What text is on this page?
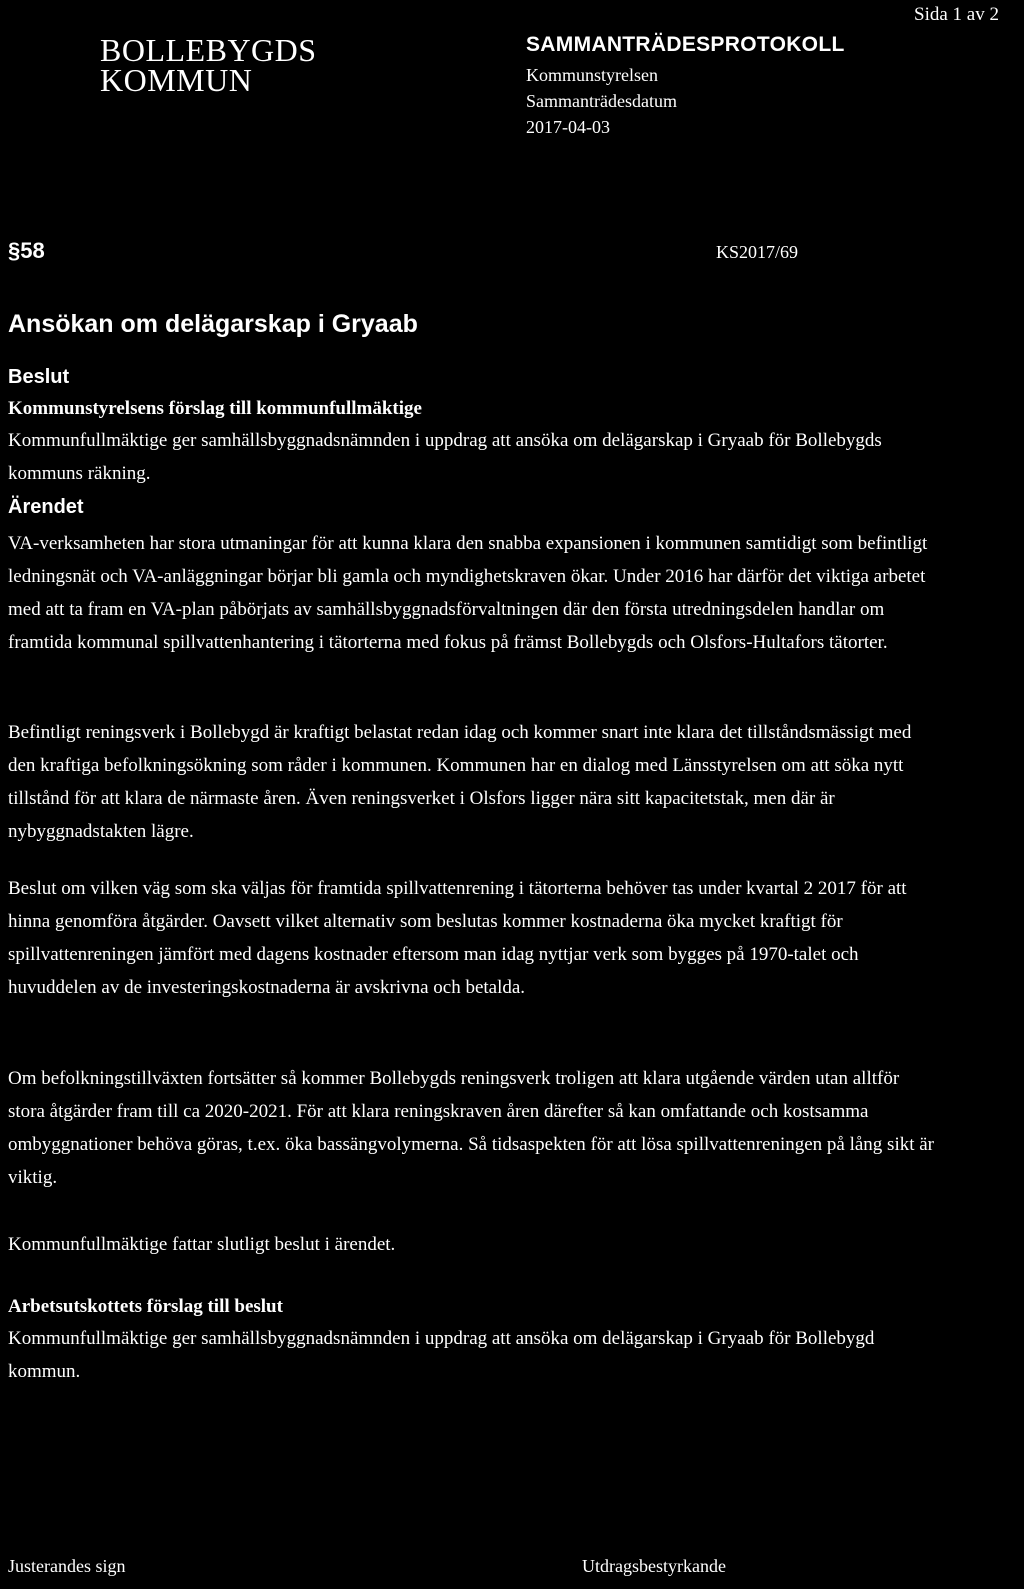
BOLLEBYGDS
KOMMUN
SAMMANTRÄDESPROTOKOLL
Kommunstyrelsen
Sammanträdesdatum
2017-04-03
Sida 1 av 2
§58	KS2017/69
Ansökan om delägarskap i Gryaab
Beslut
Kommunstyrelsens förslag till kommunfullmäktige

Kommunfullmäktige ger samhällsbyggnadsnämnden i uppdrag att ansöka om delägarskap i Gryaab för Bollebygds kommuns räkning.

Ärendet

VA-verksamheten har stora utmaningar för att kunna klara den snabba expansionen i kommunen samtidigt som befintligt ledningsnät och VA-anläggningar börjar bli gamla och myndighetskraven ökar. Under 2016 har därför det viktiga arbetet med att ta fram en VA-plan påbörjats av samhällsbyggnadsförvaltningen där den första utredningsdelen handlar om framtida kommunal spillvattenhantering i tätorterna med fokus på främst Bollebygds och Olsfors-Hultafors tätorter.

Befintligt reningsverk i Bollebygd är kraftigt belastat redan idag och kommer snart inte klara det tillståndsmässigt med den kraftiga befolkningsökning som råder i kommunen. Kommunen har en dialog med Länsstyrelsen om att söka nytt tillstånd för att klara de närmaste åren. Även reningsverket i Olsfors ligger nära sitt kapacitetstak, men där är nybyggnadstakten lägre.

Beslut om vilken väg som ska väljas för framtida spillvattenrening i tätorterna behöver tas under kvartal 2 2017 för att hinna genomföra åtgärder. Oavsett vilket alternativ som beslutas kommer kostnaderna öka mycket kraftigt för spillvattenreningen jämfört med dagens kostnader eftersom man idag nyttjar verk som bygges på 1970-talet och huvuddelen av de investeringskostnaderna är avskrivna och betalda.

Om befolkningstillväxten fortsätter så kommer Bollebygds reningsverk troligen att klara utgående värden utan alltför stora åtgärder fram till ca 2020-2021. För att klara reningskraven åren därefter så kan omfattande och kostsamma ombyggnationer behöva göras, t.ex. öka bassängvolymerna. Så tidsaspekten för att lösa spillvattenreningen på lång sikt är viktig.

Kommunfullmäktige fattar slutligt beslut i ärendet.

Arbetsutskottets förslag till beslut

Kommunfullmäktige ger samhällsbyggnadsnämnden i uppdrag att ansöka om delägarskap i Gryaab för Bollebygd kommun.

Justerandes sign	Utdragsbestyrkande
